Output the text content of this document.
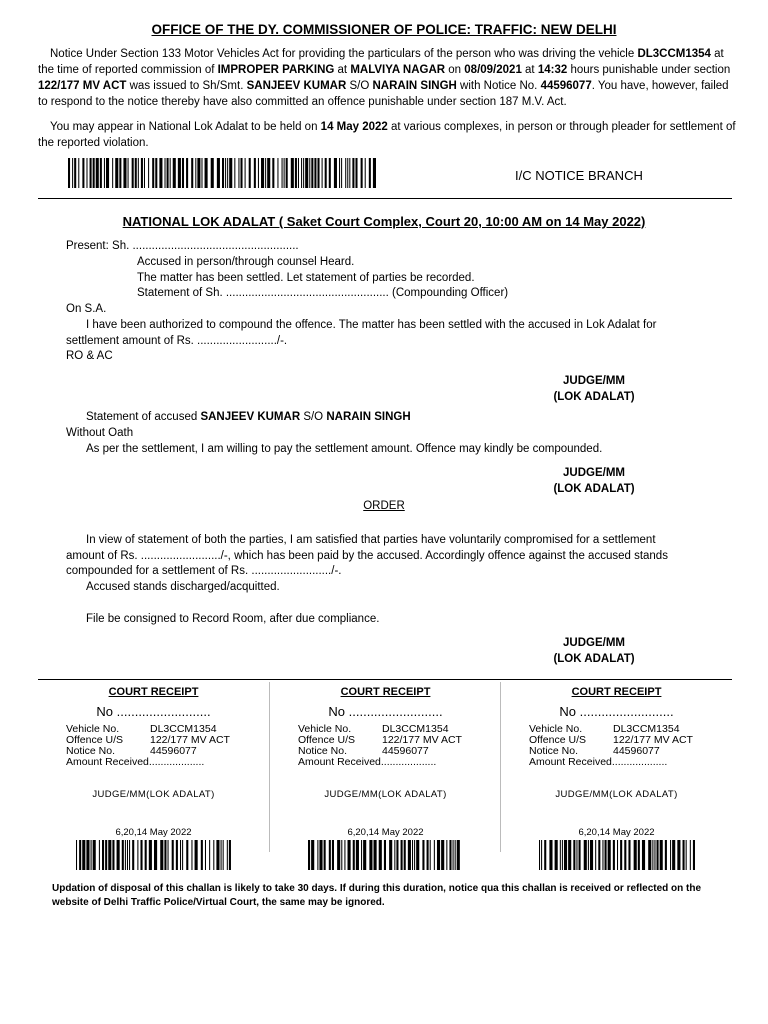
OFFICE OF THE DY. COMMISSIONER OF POLICE: TRAFFIC: NEW DELHI

Notice Under Section 133 Motor Vehicles Act for providing the particulars of the person who was driving the vehicle DL3CCM1354 at the time of reported commission of IMPROPER PARKING at MALVIYA NAGAR on 08/09/2021 at 14:32 hours punishable under section 122/177 MV ACT was issued to Sh/Smt. SANJEEV KUMAR S/O NARAIN SINGH with Notice No. 44596077. You have, however, failed to respond to the notice thereby have also committed an offence punishable under section 187 M.V. Act.

You may appear in National Lok Adalat to be held on 14 May 2022 at various complexes, in person or through pleader for settlement of the reported violation.

I/C NOTICE BRANCH
NATIONAL LOK ADALAT ( Saket Court Complex, Court 20, 10:00 AM on 14 May 2022)
Present: Sh. ....................................................
Accused in person/through counsel Heard.
The matter has been settled. Let statement of parties be recorded.
Statement of Sh. ................................................... (Compounding Officer)
On S.A.
I have been authorized to compound the offence. The matter has been settled with the accused in Lok Adalat for
settlement amount of Rs. ........................./-.
RO & AC
JUDGE/MM
(LOK ADALAT)
Statement of accused SANJEEV KUMAR S/O NARAIN SINGH
Without Oath
As per the settlement, I am willing to pay the settlement amount. Offence may kindly be compounded.
JUDGE/MM
(LOK ADALAT)
ORDER
In view of statement of both the parties, I am satisfied that parties have voluntarily compromised for a settlement
amount of Rs. ........................./-, which has been paid by the accused. Accordingly offence against the accused stands
compounded for a settlement of Rs. ........................./-.
Accused stands discharged/acquitted.
File be consigned to Record Room, after due compliance.
JUDGE/MM
(LOK ADALAT)
COURT RECEIPT
No ..........................
Vehicle No.	DL3CCM1354
Offence U/S	122/177 MV ACT
Notice No.	44596077
Amount Received...................
JUDGE/MM(LOK ADALAT)
6,20,14 May 2022
COURT RECEIPT
No ..........................
Vehicle No.	DL3CCM1354
Offence U/S	122/177 MV ACT
Notice No.	44596077
Amount Received...................
JUDGE/MM(LOK ADALAT)
6,20,14 May 2022
COURT RECEIPT
No ..........................
Vehicle No.	DL3CCM1354
Offence U/S	122/177 MV ACT
Notice No.	44596077
Amount Received...................
JUDGE/MM(LOK ADALAT)
6,20,14 May 2022
Updation of disposal of this challan is likely to take 30 days. If during this duration, notice qua this challan is received or reflected on the website of Delhi Traffic Police/Virtual Court, the same may be ignored.
